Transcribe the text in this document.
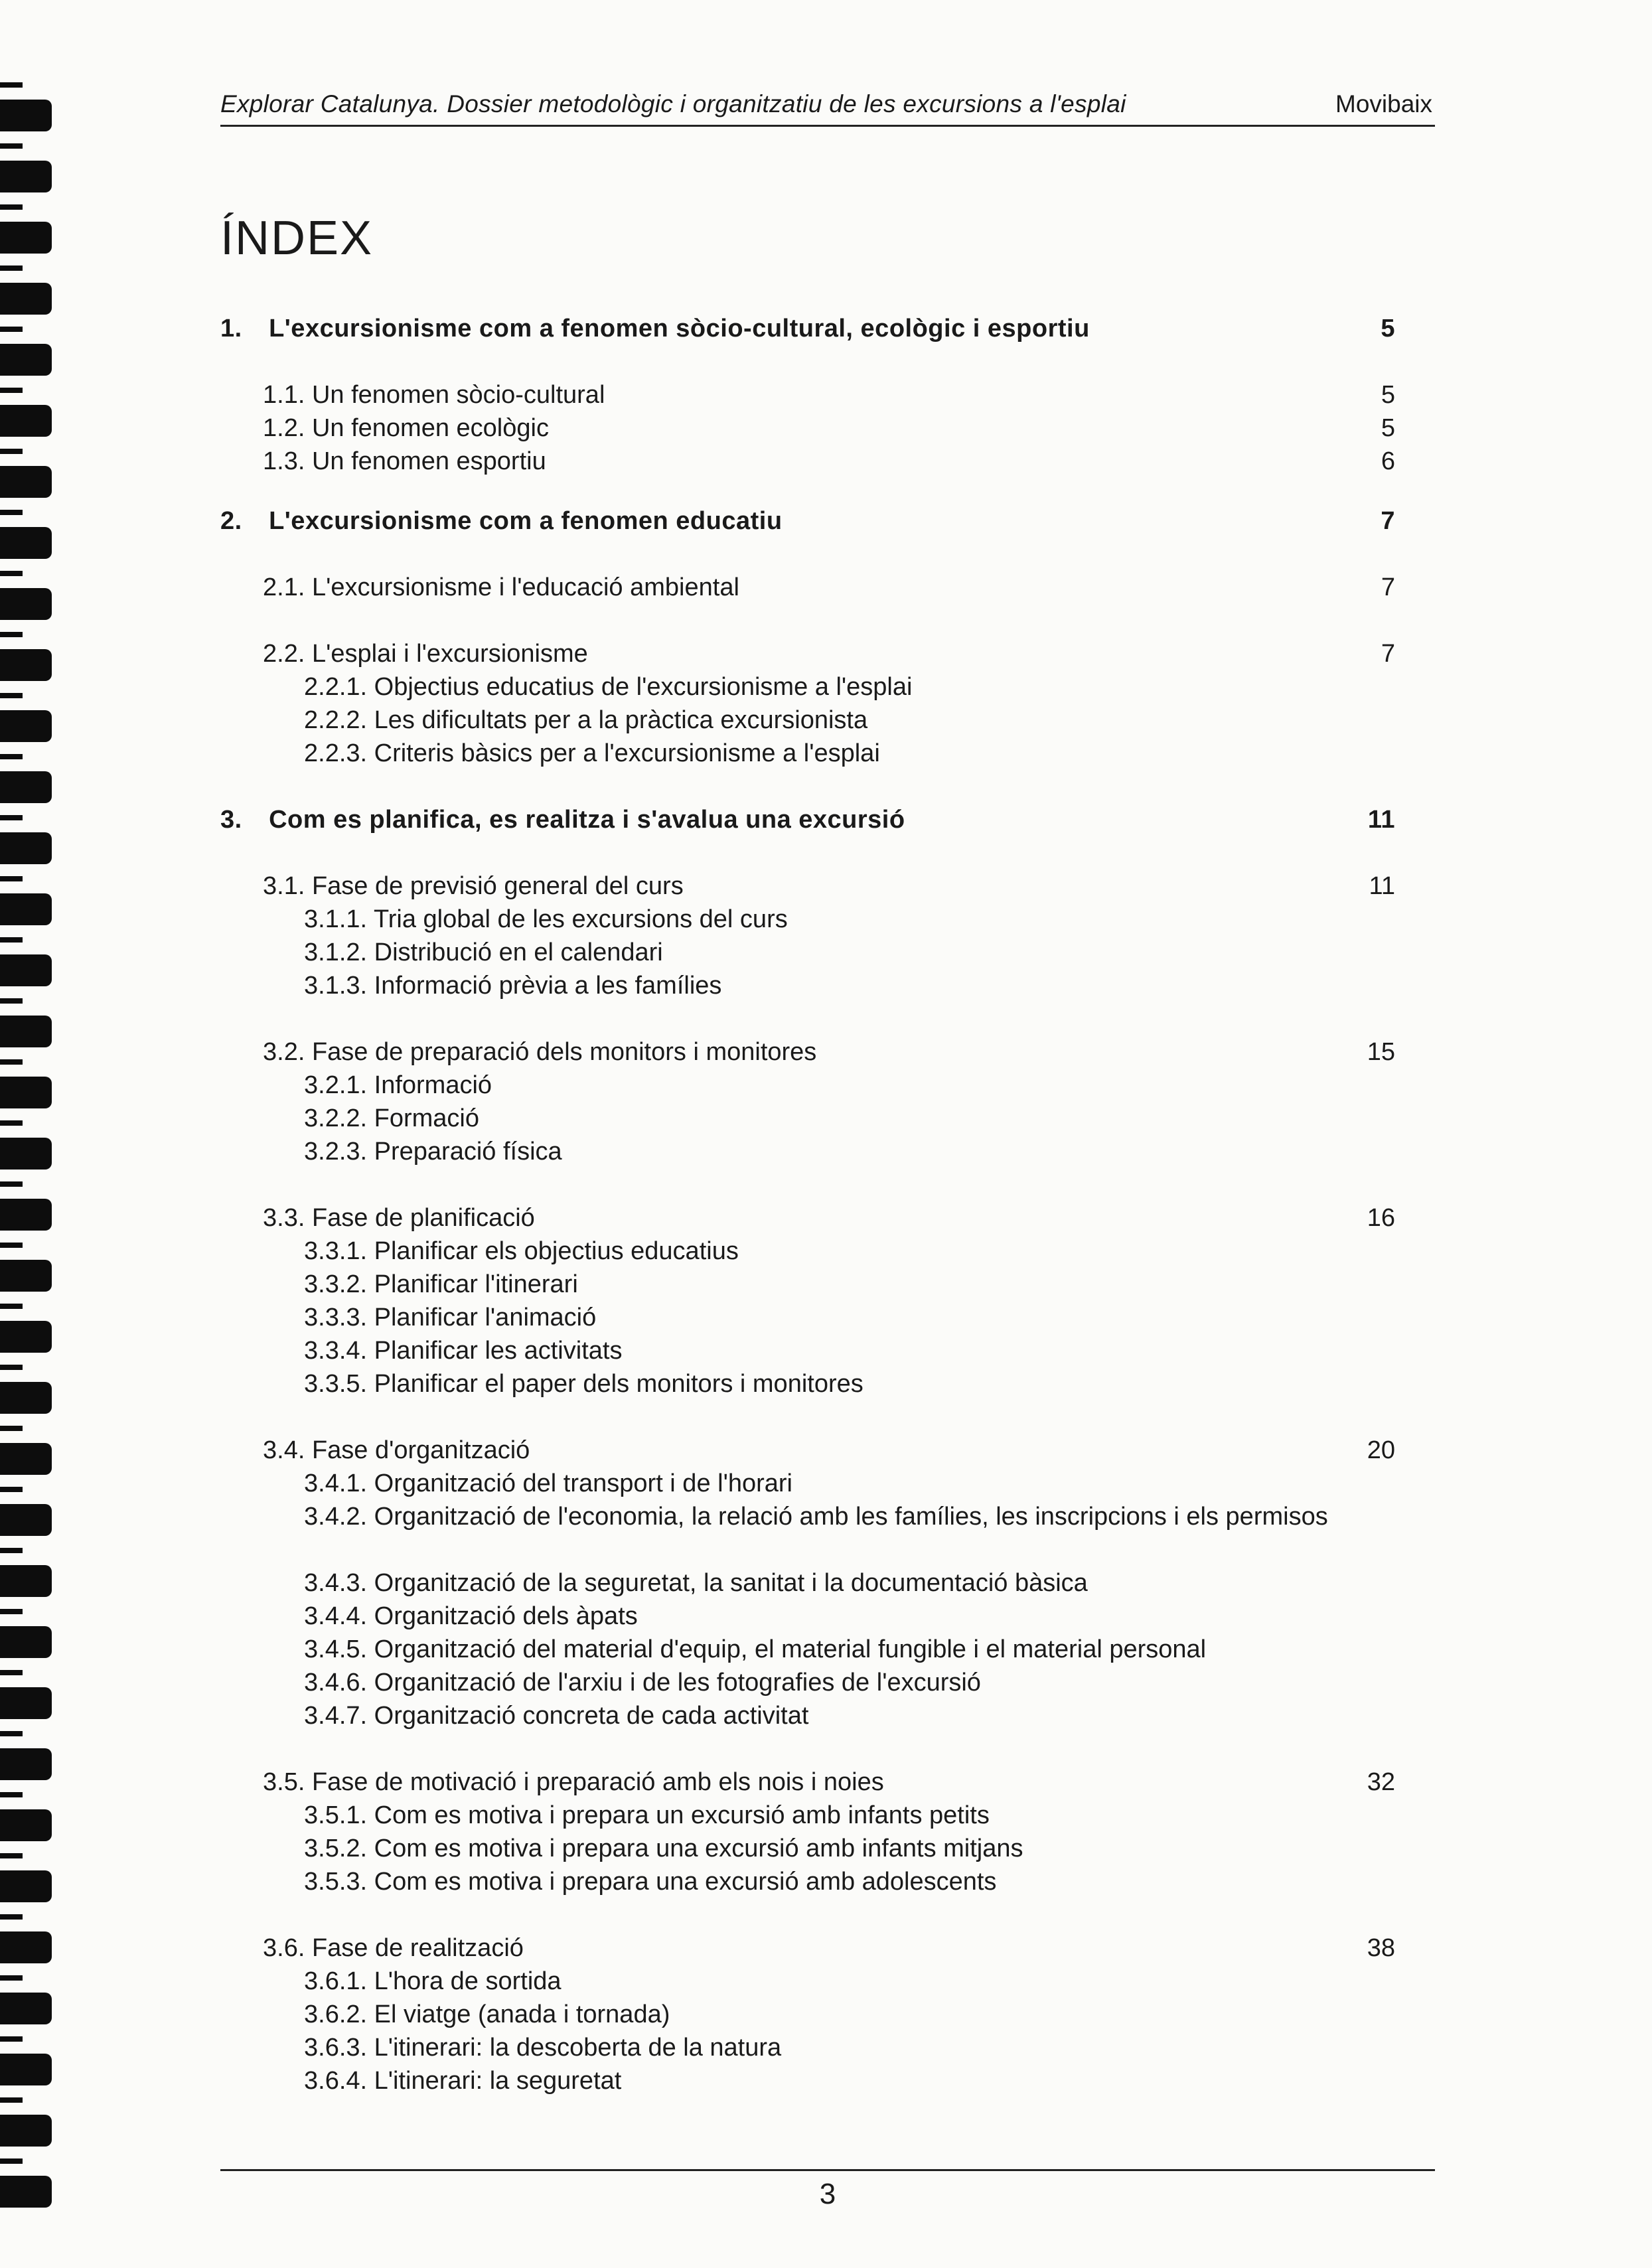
Explorar Catalunya. Dossier metodològic i organitzatiu de les excursions a l'esplai	Movibaix
ÍNDEX
1. L'excursionisme com a fenomen sòcio-cultural, ecològic i esportiu	5
1.1. Un fenomen sòcio-cultural	5
1.2. Un fenomen ecològic	5
1.3. Un fenomen esportiu	6
2. L'excursionisme com a fenomen educatiu	7
2.1. L'excursionisme i l'educació ambiental	7
2.2. L'esplai i l'excursionisme	7
2.2.1. Objectius educatius de l'excursionisme a l'esplai
2.2.2. Les dificultats per a la pràctica excursionista
2.2.3. Criteris bàsics per a l'excursionisme a l'esplai
3. Com es planifica, es realitza i s'avalua una excursió	11
3.1. Fase de previsió general del curs	11
3.1.1. Tria global de les excursions del curs
3.1.2. Distribució en el calendari
3.1.3. Informació prèvia a les famílies
3.2. Fase de preparació dels monitors i monitores	15
3.2.1. Informació
3.2.2. Formació
3.2.3. Preparació física
3.3. Fase de planificació	16
3.3.1. Planificar els objectius educatius
3.3.2. Planificar l'itinerari
3.3.3. Planificar l'animació
3.3.4. Planificar les activitats
3.3.5. Planificar el paper dels monitors i monitores
3.4. Fase d'organització	20
3.4.1. Organització del transport i de l'horari
3.4.2. Organització de l'economia, la relació amb les famílies, les inscripcions i els permisos
3.4.3. Organització de la seguretat, la sanitat i la documentació bàsica
3.4.4. Organització dels àpats
3.4.5. Organització del material d'equip, el material fungible i el material personal
3.4.6. Organització de l'arxiu i de les fotografies de l'excursió
3.4.7. Organització concreta de cada activitat
3.5. Fase de motivació i preparació amb els nois i noies	32
3.5.1. Com es motiva i prepara un excursió amb infants petits
3.5.2. Com es motiva i prepara una excursió amb infants mitjans
3.5.3. Com es motiva i prepara una excursió amb adolescents
3.6. Fase de realització	38
3.6.1. L'hora de sortida
3.6.2. El viatge (anada i tornada)
3.6.3. L'itinerari: la descoberta de la natura
3.6.4. L'itinerari: la seguretat
3
